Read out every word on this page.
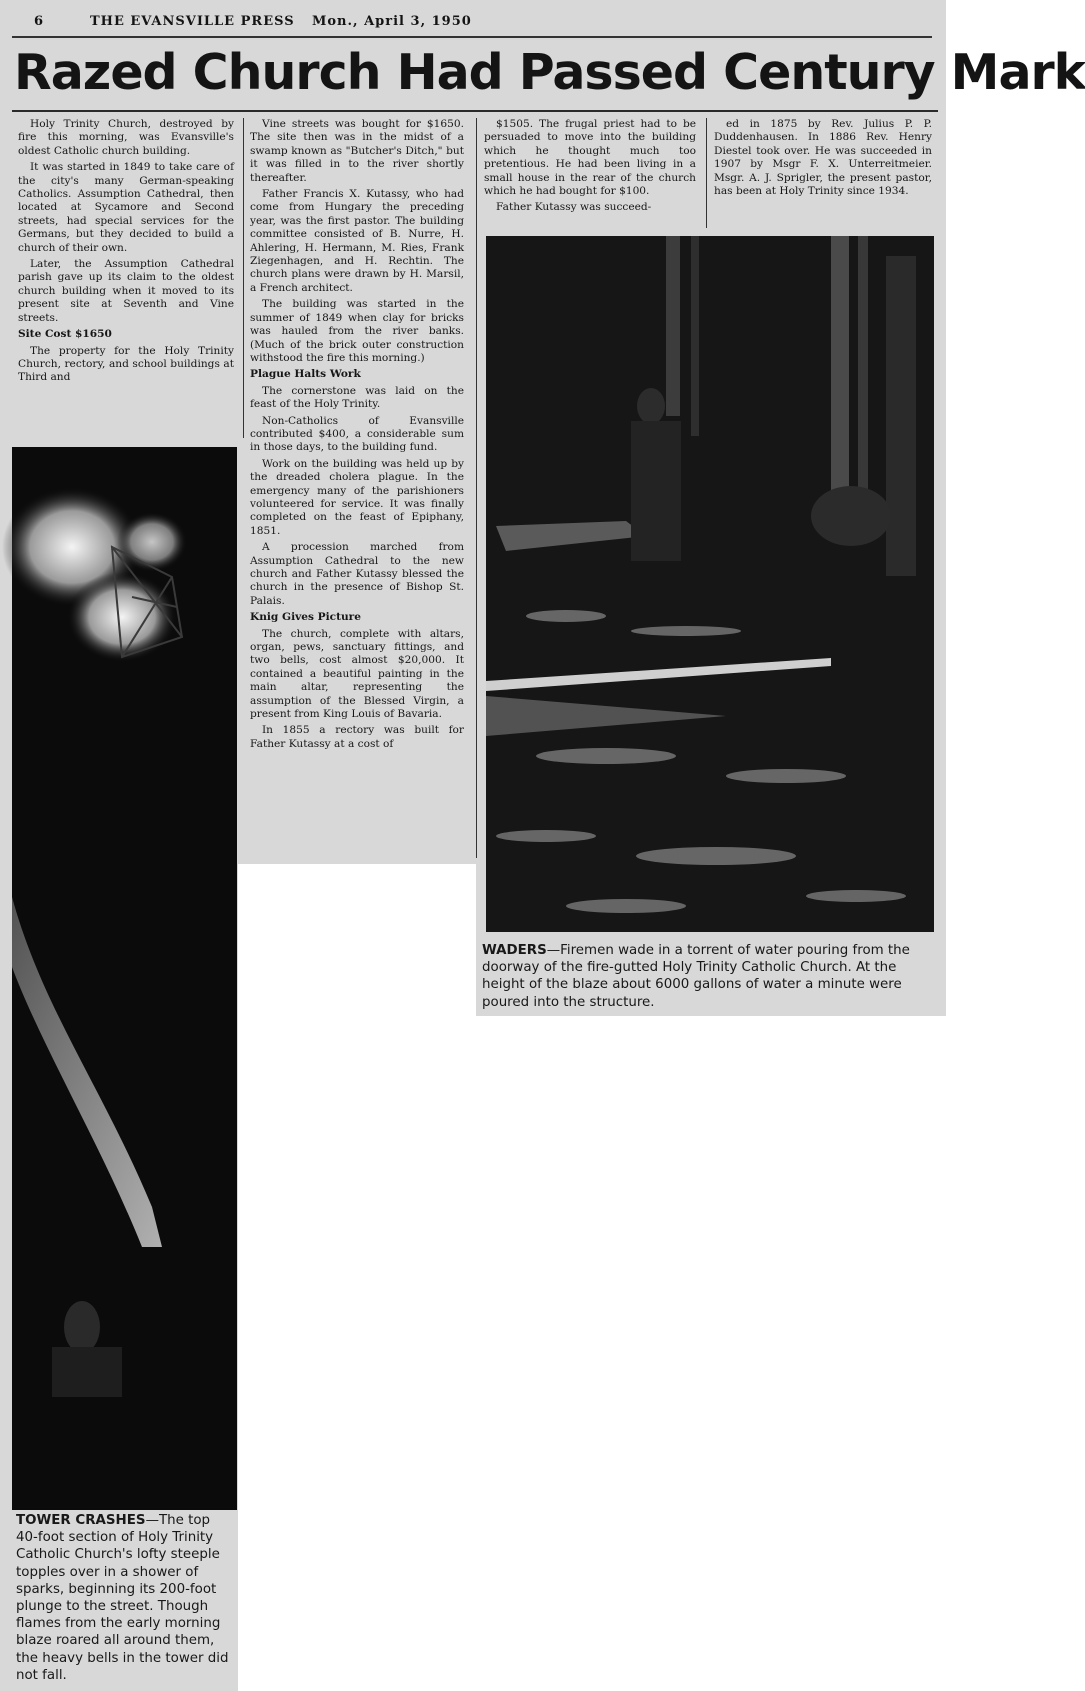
6	THE EVANSVILLE PRESS Mon., April 3, 1950
Razed Church Had Passed Century Mark

Holy Trinity Church, destroyed by fire this morning, was Evansville's oldest Catholic church building.

It was started in 1849 to take care of the city's many German-speaking Catholics. Assumption Cathedral, then located at Sycamore and Second streets, had special services for the Germans, but they decided to build a church of their own.

Later, the Assumption Cathedral parish gave up its claim to the oldest church building when it moved to its present site at Seventh and Vine streets.

Site Cost $1650

The property for the Holy Trinity Church, rectory, and school buildings at Third and

Vine streets was bought for $1650. The site then was in the midst of a swamp known as "Butcher's Ditch," but it was filled in to the river shortly thereafter.

Father Francis X. Kutassy, who had come from Hungary the preceding year, was the first pastor. The building committee consisted of B. Nurre, H. Ahlering, H. Hermann, M. Ries, Frank Ziegenhagen, and H. Rechtin. The church plans were drawn by H. Marsil, a French architect.

The building was started in the summer of 1849 when clay for bricks was hauled from the river banks. (Much of the brick outer construction withstood the fire this morning.)

Plague Halts Work

The cornerstone was laid on the feast of the Holy Trinity.

Non-Catholics of Evansville contributed $400, a considerable sum in those days, to the building fund.

Work on the building was held up by the dreaded cholera plague. In the emergency many of the parishioners volunteered for service. It was finally completed on the feast of Epiphany, 1851.

A procession marched from Assumption Cathedral to the new church and Father Kutassy blessed the church in the presence of Bishop St. Palais.

Knig Gives Picture

The church, complete with altars, organ, pews, sanctuary fittings, and two bells, cost almost $20,000. It contained a beautiful painting in the main altar, representing the assumption of the Blessed Virgin, a present from King Louis of Bavaria.

In 1855 a rectory was built for Father Kutassy at a cost of

$1505. The frugal priest had to be persuaded to move into the building which he thought much too pretentious. He had been living in a small house in the rear of the church which he had bought for $100.

Father Kutassy was succeed-

ed in 1875 by Rev. Julius P. P. Duddenhausen. In 1886 Rev. Henry Diestel took over. He was succeeded in 1907 by Msgr F. X. Unterreitmeier. Msgr. A. J. Sprigler, the present pastor, has been at Holy Trinity since 1934.

TOWER CRASHES—The top 40-foot section of Holy Trinity Catholic Church's lofty steeple topples over in a shower of sparks, beginning its 200-foot plunge to the street. Though flames from the early morning blaze roared all around them, the heavy bells in the tower did not fall.
WADERS—Firemen wade in a torrent of water pouring from the doorway of the fire-gutted Holy Trinity Catholic Church. At the height of the blaze about 6000 gallons of water a minute were poured into the structure.
